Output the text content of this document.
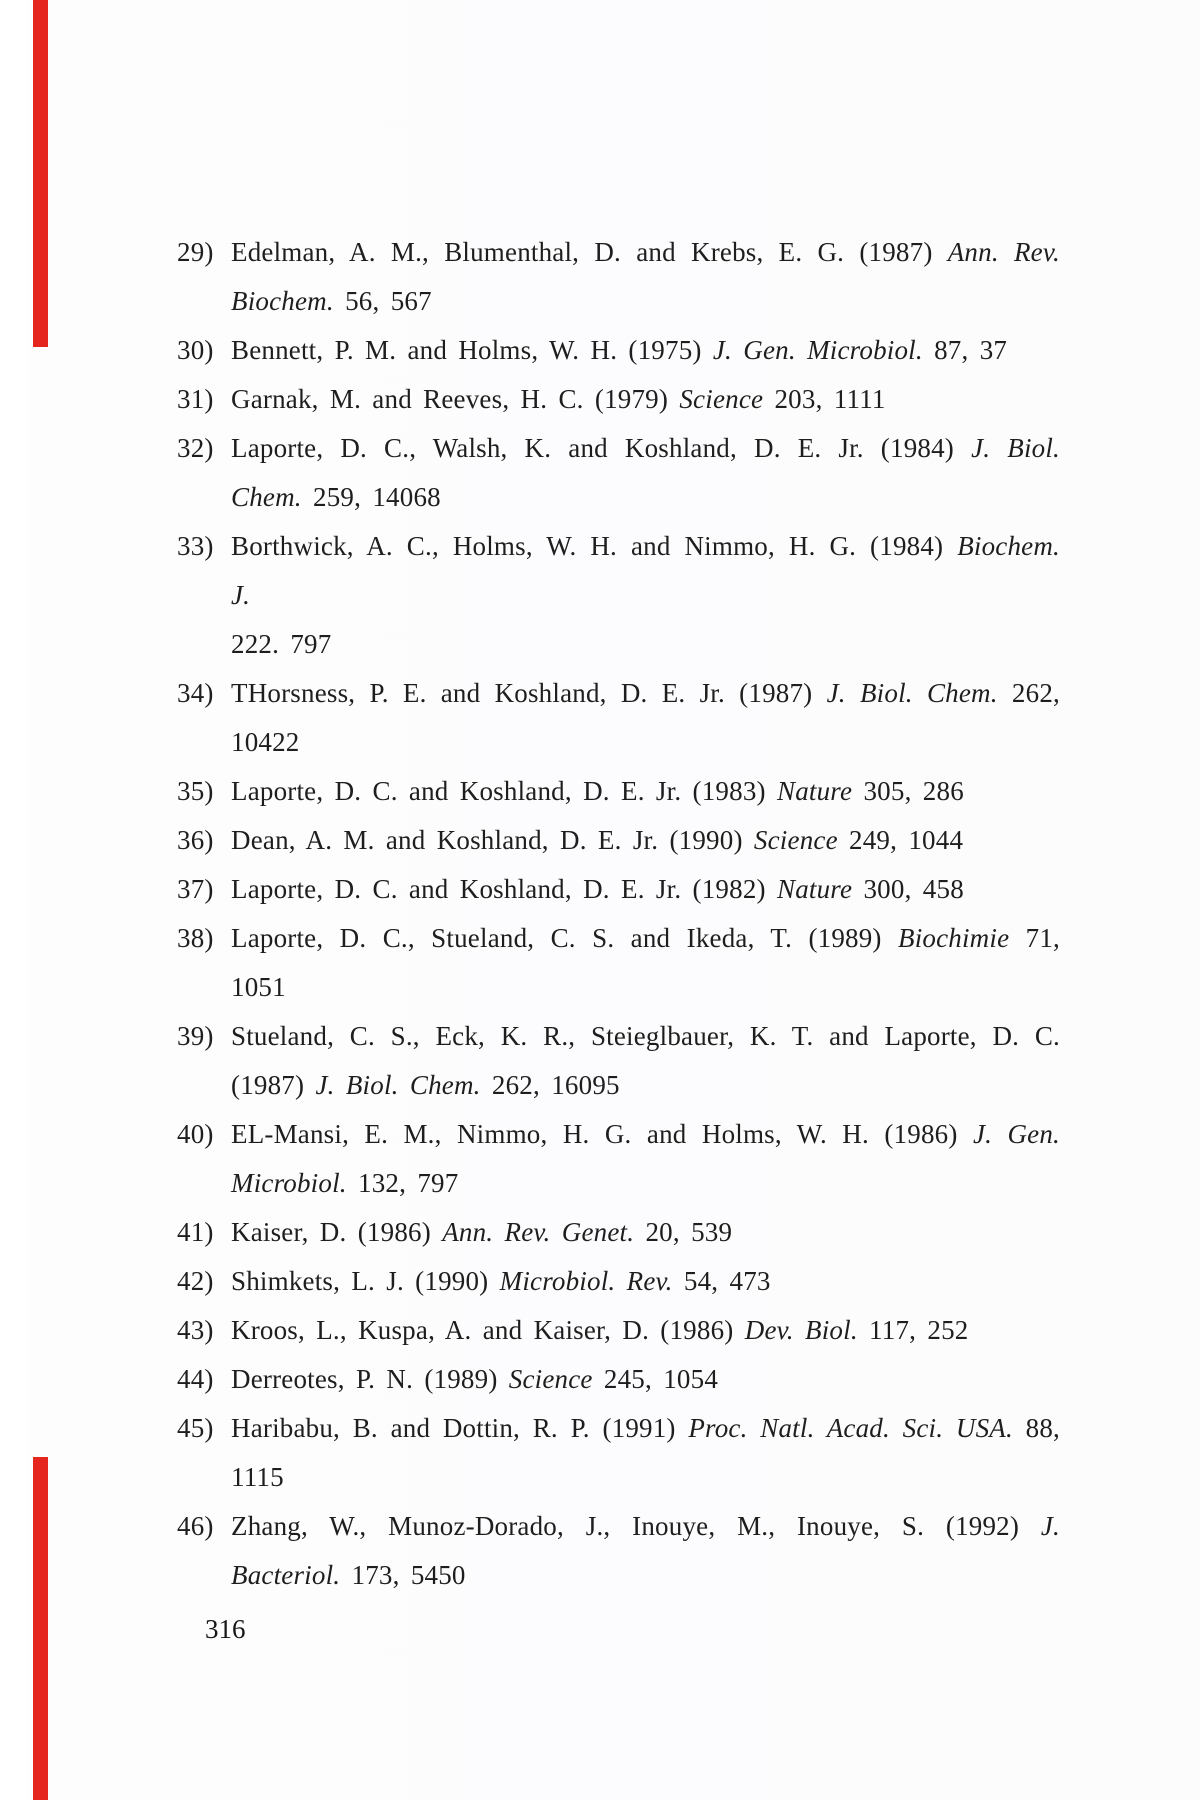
29) Edelman, A. M., Blumenthal, D. and Krebs, E. G. (1987) Ann. Rev.
Biochem. 56, 567
30) Bennett, P. M. and Holms, W. H. (1975) J. Gen. Microbiol. 87, 37
31) Garnak, M. and Reeves, H. C. (1979) Science 203, 1111
32) Laporte, D. C., Walsh, K. and Koshland, D. E. Jr. (1984) J. Biol.
Chem. 259, 14068
33) Borthwick, A. C., Holms, W. H. and Nimmo, H. G. (1984) Biochem. J.
222. 797
34) THorsness, P. E. and Koshland, D. E. Jr. (1987) J. Biol. Chem. 262,
10422
35) Laporte, D. C. and Koshland, D. E. Jr. (1983) Nature 305, 286
36) Dean, A. M. and Koshland, D. E. Jr. (1990) Science 249, 1044
37) Laporte, D. C. and Koshland, D. E. Jr. (1982) Nature 300, 458
38) Laporte, D. C., Stueland, C. S. and Ikeda, T. (1989) Biochimie 71,
1051
39) Stueland, C. S., Eck, K. R., Steieglbauer, K. T. and Laporte, D. C.
(1987) J. Biol. Chem. 262, 16095
40) EL-Mansi, E. M., Nimmo, H. G. and Holms, W. H. (1986) J. Gen.
Microbiol. 132, 797
41) Kaiser, D. (1986) Ann. Rev. Genet. 20, 539
42) Shimkets, L. J. (1990) Microbiol. Rev. 54, 473
43) Kroos, L., Kuspa, A. and Kaiser, D. (1986) Dev. Biol. 117, 252
44) Derreotes, P. N. (1989) Science 245, 1054
45) Haribabu, B. and Dottin, R. P. (1991) Proc. Natl. Acad. Sci. USA. 88,
1115
46) Zhang, W., Munoz-Dorado, J., Inouye, M., Inouye, S. (1992) J.
Bacteriol. 173, 5450
316
